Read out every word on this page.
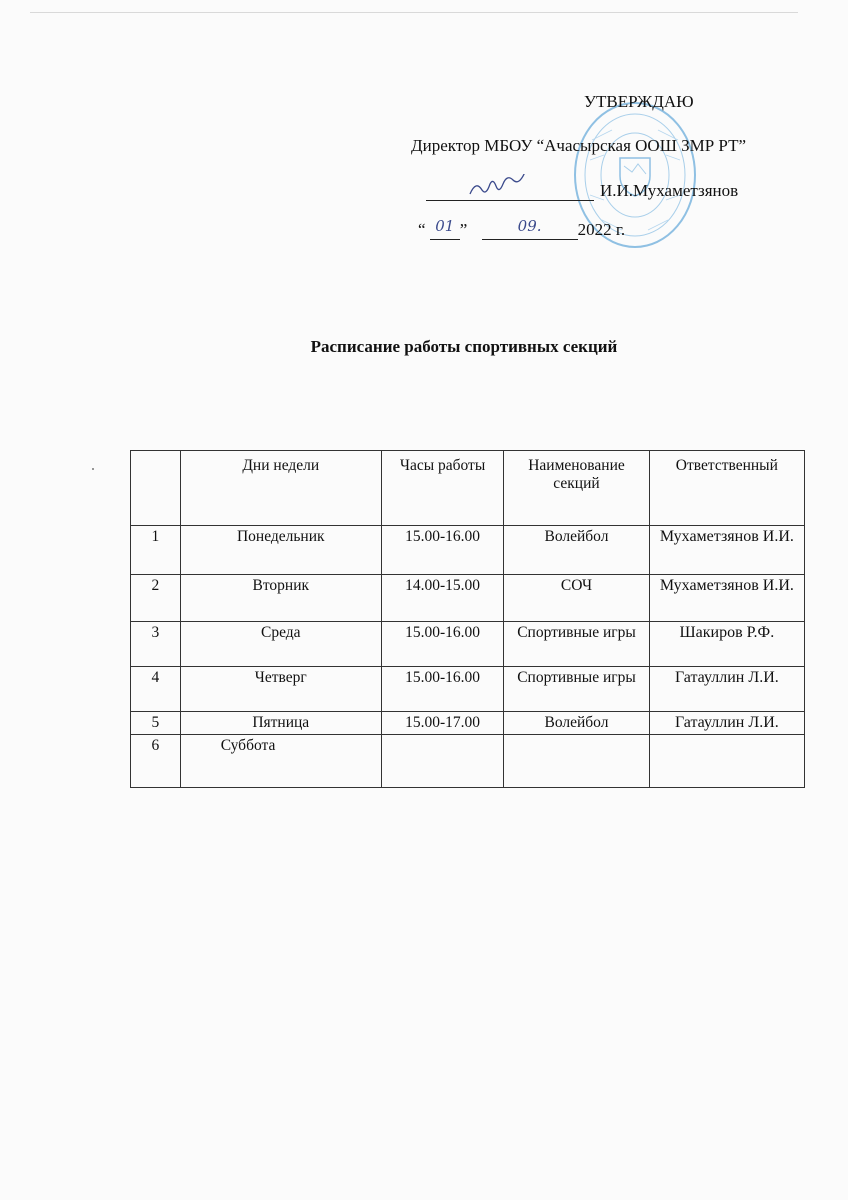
УТВЕРЖДАЮ
Директор МБОУ “Ачасырская ООШ ЗМР РТ”
И.И.Мухаметзянов
“ 01 ”	09.	2022 г.
Расписание работы спортивных секций
	Дни недели	Часы работы	Наименование секций	Ответственный
1	Понедельник	15.00-16.00	Волейбол	Мухаметзянов И.И.
2	Вторник	14.00-15.00	СОЧ	Мухаметзянов И.И.
3	Среда	15.00-16.00	Спортивные игры	Шакиров Р.Ф.
4	Четверг	15.00-16.00	Спортивные игры	Гатауллин Л.И.
5	Пятница	15.00-17.00	Волейбол	Гатауллин Л.И.
6	Суббота			
